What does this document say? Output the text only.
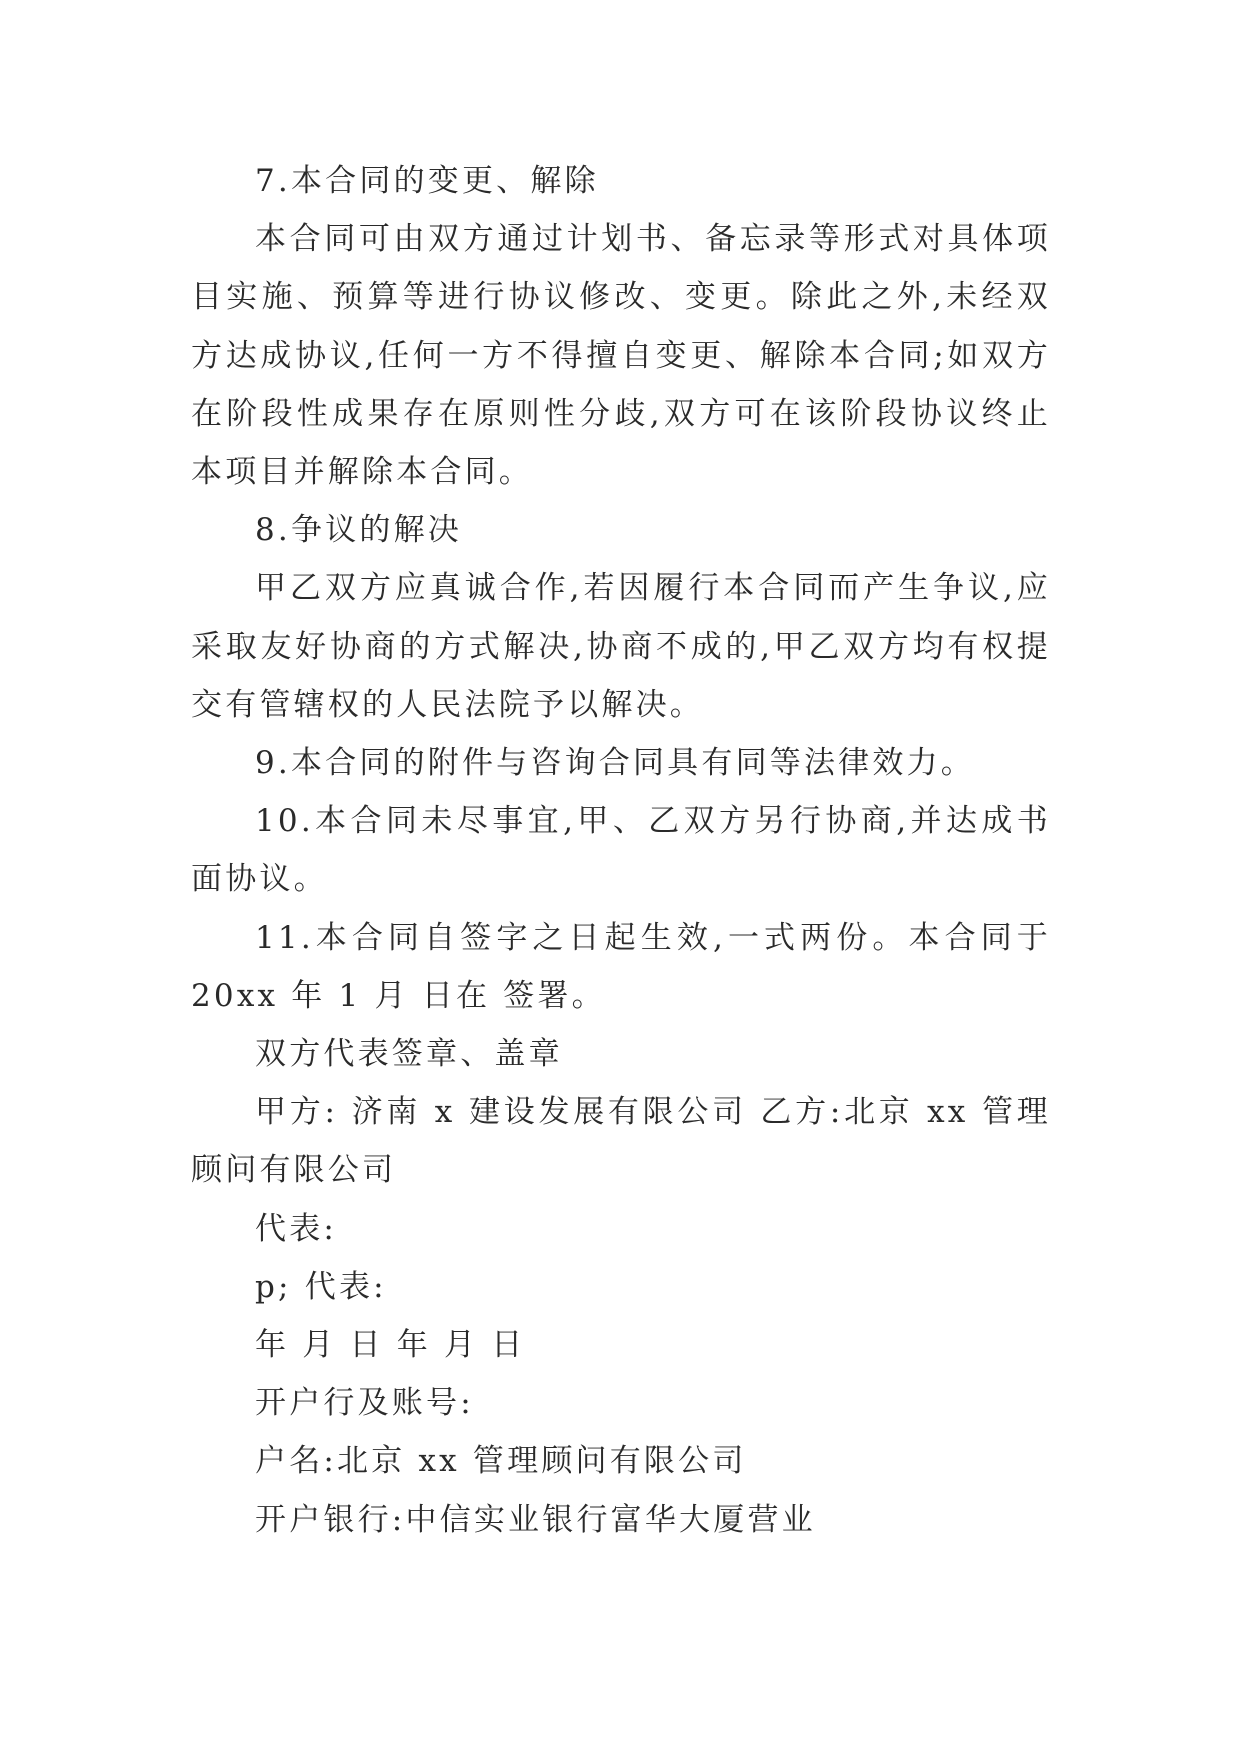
7.本合同的变更、解除

本合同可由双方通过计划书、备忘录等形式对具体项目实施、预算等进行协议修改、变更。除此之外,未经双方达成协议,任何一方不得擅自变更、解除本合同;如双方在阶段性成果存在原则性分歧,双方可在该阶段协议终止本项目并解除本合同。

8.争议的解决

甲乙双方应真诚合作,若因履行本合同而产生争议,应采取友好协商的方式解决,协商不成的,甲乙双方均有权提交有管辖权的人民法院予以解决。

9.本合同的附件与咨询合同具有同等法律效力。

10.本合同未尽事宜,甲、乙双方另行协商,并达成书面协议。

11.本合同自签字之日起生效,一式两份。本合同于 20xx 年 1 月 日在 签署。

双方代表签章、盖章

甲方: 济南 x 建设发展有限公司 乙方:北京 xx 管理顾问有限公司

代表:

p; 代表:

年 月 日 年 月 日

开户行及账号:

户名:北京 xx 管理顾问有限公司

开户银行:中信实业银行富华大厦营业
